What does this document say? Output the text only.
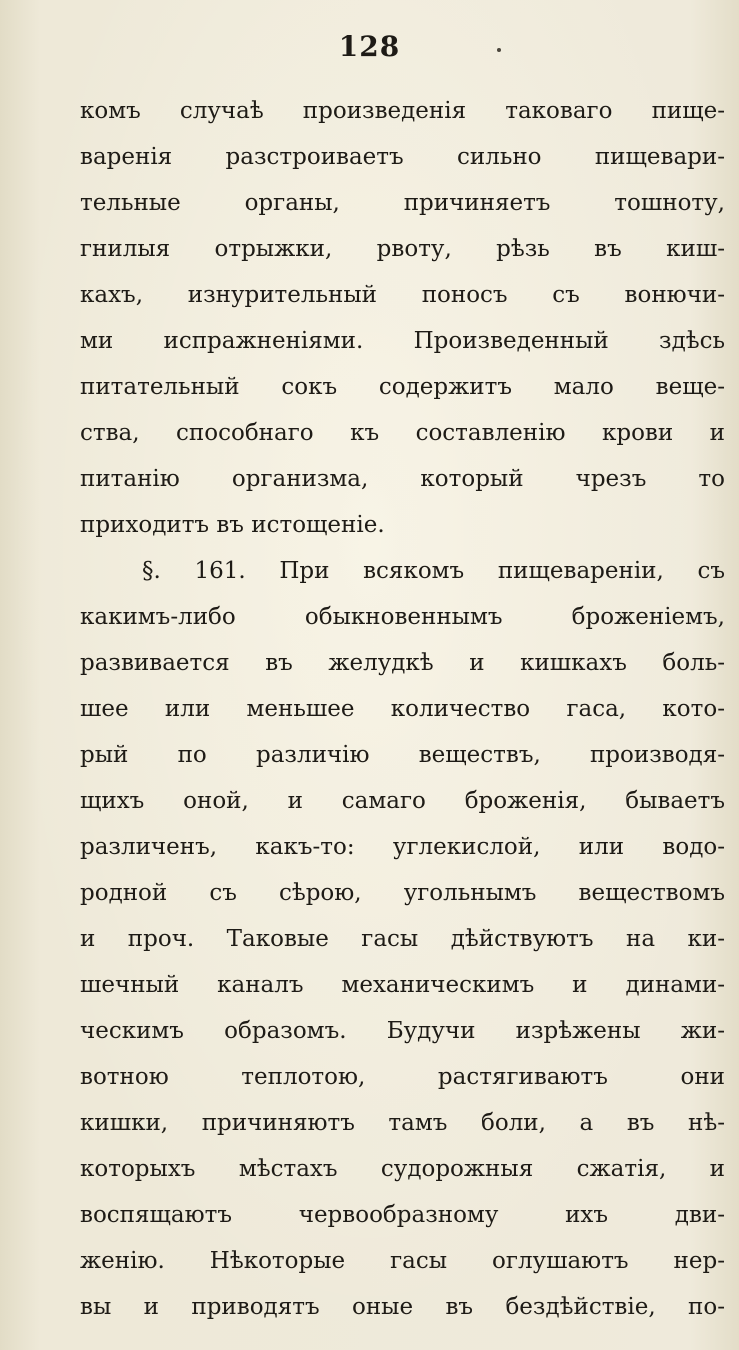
128
комъ случаѣ произведенія таковаго пище-
варенія разстроиваетъ сильно пищевари-
тельные органы, причиняетъ тошноту,
гнилыя отрыжки, рвоту, рѣзь въ киш-
кахъ, изнурительный поносъ съ вонючи-
ми испражненіями. Произведенный здѣсь
питательный сокъ содержитъ мало веще-
ства, способнаго къ составленію крови и
питанію организма, который чрезъ то
приходитъ въ истощеніе.
§. 161. При всякомъ пищевареніи, съ
какимъ-либо обыкновеннымъ броженіемъ,
развивается въ желудкѣ и кишкахъ боль-
шее или меньшее количество гаса, кото-
рый по различію веществъ, производя-
щихъ оной, и самаго броженія, бываетъ
различенъ, какъ-то: углекислой, или водо-
родной съ сѣрою, угольнымъ веществомъ
и проч. Таковые гасы дѣйствуютъ на ки-
шечный каналъ механическимъ и динами-
ческимъ образомъ. Будучи изрѣжены жи-
вотною теплотою, растягиваютъ они
кишки, причиняютъ тамъ боли, а въ нѣ-
которыхъ мѣстахъ судорожныя сжатія, и
воспящаютъ червообразному ихъ дви-
женію. Нѣкоторые гасы оглушаютъ нер-
вы и приводятъ оные въ бездѣйствіе, по-
